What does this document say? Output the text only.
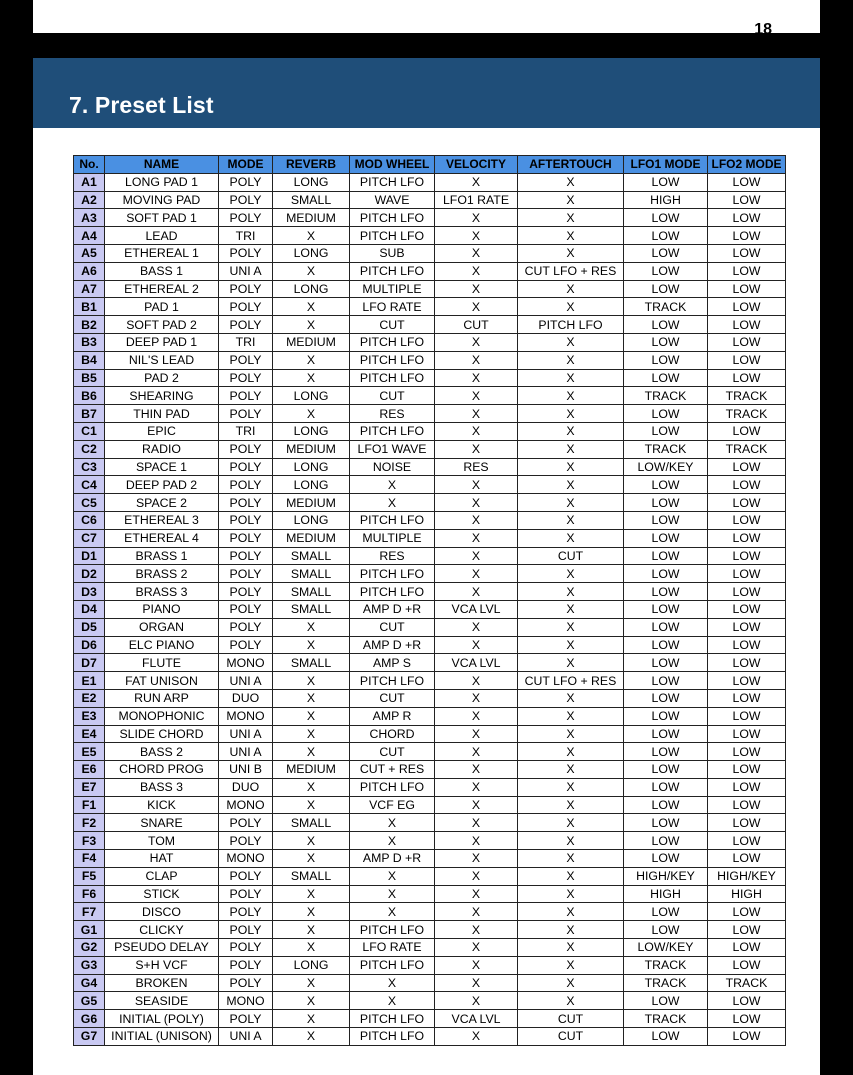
18
7. Preset List
No.	NAME	MODE	REVERB	MOD WHEEL	VELOCITY	AFTERTOUCH	LFO1 MODE	LFO2 MODE
A1	LONG PAD 1	POLY	LONG	PITCH LFO	X	X	LOW	LOW
A2	MOVING PAD	POLY	SMALL	WAVE	LFO1 RATE	X	HIGH	LOW
A3	SOFT PAD 1	POLY	MEDIUM	PITCH LFO	X	X	LOW	LOW
A4	LEAD	TRI	X	PITCH LFO	X	X	LOW	LOW
A5	ETHEREAL 1	POLY	LONG	SUB	X	X	LOW	LOW
A6	BASS 1	UNI A	X	PITCH LFO	X	CUT LFO + RES	LOW	LOW
A7	ETHEREAL 2	POLY	LONG	MULTIPLE	X	X	LOW	LOW
B1	PAD 1	POLY	X	LFO RATE	X	X	TRACK	LOW
B2	SOFT PAD 2	POLY	X	CUT	CUT	PITCH LFO	LOW	LOW
B3	DEEP PAD 1	TRI	MEDIUM	PITCH LFO	X	X	LOW	LOW
B4	NIL'S LEAD	POLY	X	PITCH LFO	X	X	LOW	LOW
B5	PAD 2	POLY	X	PITCH LFO	X	X	LOW	LOW
B6	SHEARING	POLY	LONG	CUT	X	X	TRACK	TRACK
B7	THIN PAD	POLY	X	RES	X	X	LOW	TRACK
C1	EPIC	TRI	LONG	PITCH LFO	X	X	LOW	LOW
C2	RADIO	POLY	MEDIUM	LFO1 WAVE	X	X	TRACK	TRACK
C3	SPACE 1	POLY	LONG	NOISE	RES	X	LOW/KEY	LOW
C4	DEEP PAD 2	POLY	LONG	X	X	X	LOW	LOW
C5	SPACE 2	POLY	MEDIUM	X	X	X	LOW	LOW
C6	ETHEREAL 3	POLY	LONG	PITCH LFO	X	X	LOW	LOW
C7	ETHEREAL 4	POLY	MEDIUM	MULTIPLE	X	X	LOW	LOW
D1	BRASS 1	POLY	SMALL	RES	X	CUT	LOW	LOW
D2	BRASS 2	POLY	SMALL	PITCH LFO	X	X	LOW	LOW
D3	BRASS 3	POLY	SMALL	PITCH LFO	X	X	LOW	LOW
D4	PIANO	POLY	SMALL	AMP D +R	VCA LVL	X	LOW	LOW
D5	ORGAN	POLY	X	CUT	X	X	LOW	LOW
D6	ELC PIANO	POLY	X	AMP D +R	X	X	LOW	LOW
D7	FLUTE	MONO	SMALL	AMP S	VCA LVL	X	LOW	LOW
E1	FAT UNISON	UNI A	X	PITCH LFO	X	CUT LFO + RES	LOW	LOW
E2	RUN ARP	DUO	X	CUT	X	X	LOW	LOW
E3	MONOPHONIC	MONO	X	AMP R	X	X	LOW	LOW
E4	SLIDE CHORD	UNI A	X	CHORD	X	X	LOW	LOW
E5	BASS 2	UNI A	X	CUT	X	X	LOW	LOW
E6	CHORD PROG	UNI B	MEDIUM	CUT + RES	X	X	LOW	LOW
E7	BASS 3	DUO	X	PITCH LFO	X	X	LOW	LOW
F1	KICK	MONO	X	VCF EG	X	X	LOW	LOW
F2	SNARE	POLY	SMALL	X	X	X	LOW	LOW
F3	TOM	POLY	X	X	X	X	LOW	LOW
F4	HAT	MONO	X	AMP D +R	X	X	LOW	LOW
F5	CLAP	POLY	SMALL	X	X	X	HIGH/KEY	HIGH/KEY
F6	STICK	POLY	X	X	X	X	HIGH	HIGH
F7	DISCO	POLY	X	X	X	X	LOW	LOW
G1	CLICKY	POLY	X	PITCH LFO	X	X	LOW	LOW
G2	PSEUDO DELAY	POLY	X	LFO RATE	X	X	LOW/KEY	LOW
G3	S+H VCF	POLY	LONG	PITCH LFO	X	X	TRACK	LOW
G4	BROKEN	POLY	X	X	X	X	TRACK	TRACK
G5	SEASIDE	MONO	X	X	X	X	LOW	LOW
G6	INITIAL (POLY)	POLY	X	PITCH LFO	VCA LVL	CUT	TRACK	LOW
G7	INITIAL (UNISON)	UNI A	X	PITCH LFO	X	CUT	LOW	LOW
